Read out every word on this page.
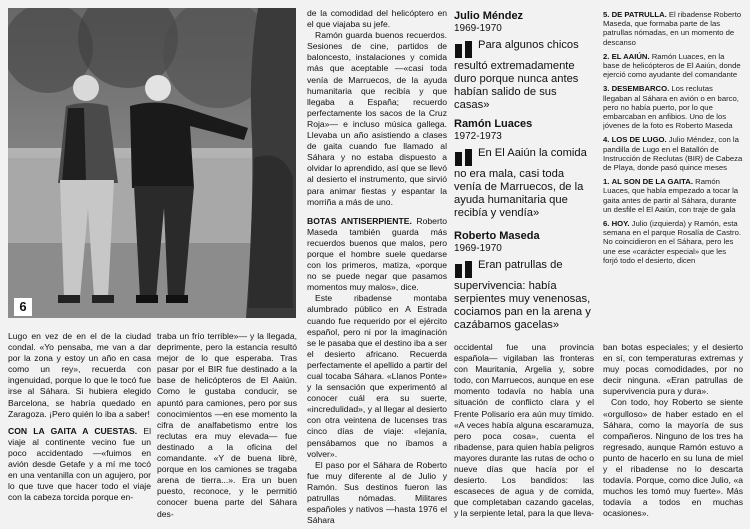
6

Lugo en vez de en el de la ciudad condal. «Yo pensaba, me van a dar por la zona y estoy un año en casa como un rey», recuerda con ingenuidad, porque lo que le tocó fue irse al Sáhara. Si hubiera elegido Barcelona, se habría quedado en Zaragoza. ¡Pero quién lo iba a saber!

CON LA GAITA A CUESTAS. El viaje al continente vecino fue un poco accidentado —«fuimos en avión desde Getafe y a mí me tocó en una ventanilla con un agujero, por lo que tuve que hacer todo el viaje con la cabeza torcida porque en-

traba un frío terrible»— y la llegada, deprimente, pero la estancia resultó mejor de lo que esperaba. Tras pasar por el BIR fue destinado a la base de helicópteros de El Aaiún. Como le gustaba conducir, se apuntó para camiones, pero por sus conocimientos —en ese momento la cifra de analfabetismo entre los reclutas era muy elevada— fue destinado a la oficina del comandante. «Y de buena librè, porque en los camiones se tragaba arena de tierra...». Era un buen puesto, reconoce, y le permitió conocer buena parte del Sáhara des-

de la comodidad del helicóptero en el que viajaba su jefe.

Ramón guarda buenos recuerdos. Sesiones de cine, partidos de baloncesto, instalaciones y comida más que aceptable —«casi toda venía de Marruecos, de la ayuda humanitaria que recibía y que llegaba a España; recuerdo perfectamente los sacos de la Cruz Roja»— e incluso música gallega. Llevaba un año asistiendo a clases de gaita cuando fue llamado al Sáhara y no estaba dispuesto a olvidar lo aprendido, así que se llevó al desierto el instrumento, que sirvió para animar fiestas y espantar la morriña a más de uno.

BOTAS ANTISERPIENTE. Roberto Maseda también guarda más recuerdos buenos que malos, pero porque el hombre suele quedarse con los primeros, matiza, «porque no se puede negar que pasamos momentos muy malos», dice.

Este ribadense montaba alumbrado público en A Estrada cuando fue requerido por el ejército español, pero ni por la imaginación se le pasaba que el destino iba a ser el desierto africano. Recuerda perfectamente el apellido a partir del cual tocaba Sáhara. «Llanos Ponte» y la sensación que experimentó al conocer cuál era su suerte, «incredulidad», y al llegar al desierto con otra veintena de lucenses tras cinco días de viaje: «Iejanía, pensábamos que no íbamos a volver».

El paso por el Sáhara de Roberto fue muy diferente al de Julio y Ramón. Sus destinos fueron las patrullas nómadas. Militares españoles y nativos —hasta 1976 el Sáhara

Julio Méndez
1969-1970
Para algunos chicos resultó extremadamente duro porque nunca antes habían salido de sus casas»
Ramón Luaces
1972-1973
En El Aaiún la comida no era mala, casi toda venía de Marruecos, de la ayuda humanitaria que recibía y vendía»
Roberto Maseda
1969-1970
Eran patrullas de supervivencia: había serpientes muy venenosas, cociamos pan en la arena y cazábamos gacelas»

occidental fue una provincia española— vigilaban las fronteras con Mauritania, Argelia y, sobre todo, con Marruecos, aunque en ese momento todavía no había una situación de conflicto clara y el Frente Polisario era aún muy tímido. «A veces había alguna escaramuza, pero poca cosa», cuenta el ribadense, para quien había peligros mayores durante las rutas de ocho o nueve días que hacía por el desierto. Los bandidos: las escaseces de agua y de comida, que completaban cazando gacelas, y la serpiente letal, para la que lleva-

5. DE PATRULLA. El ribadense Roberto Maseda, que formaba parte de las patrullas nómadas, en un momento de descanso
2. EL AAIÚN. Ramón Luaces, en la base de helicópteros de El Aaiún, donde ejerció como ayudante del comandante
3. DESEMBARCO. Los reclutas llegaban al Sáhara en avión o en barco, pero no había puerto, por lo que embarcaban en anfibios. Uno de los jóvenes de la foto es Roberto Maseda
4. LOS DE LUGO. Julio Méndez, con la pandilla de Lugo en el Batallón de Instrucción de Reclutas (BIR) de Cabeza de Playa, donde pasó quince meses
1. AL SON DE LA GAITA. Ramón Luaces, que había empezado a tocar la gaita antes de partir al Sáhara, durante un desfile el El Aaiún, con traje de gala
6. HOY. Julio (izquierda) y Ramón, esta semana en el parque Rosalía de Castro. No coincidieron en el Sáhara, pero les une ese «carácter especial» que les forjó todo el desierto, dicen

ban botas especiales; y el desierto en sí, con temperaturas extremas y muy pocas comodidades, por no decir ninguna. «Eran patrullas de supervivencia pura y dura».

Con todo, hoy Roberto se siente «orgulloso» de haber estado en el Sáhara, como la mayoría de sus compañeros. Ninguno de los tres ha regresado, aunque Ramón estuvo a punto de hacerlo en su luna de miel y el ribadense no lo descarta todavía. Porque, como dice Julio, «a muchos les tomó muy fuerte». Más todavía a todos en muchas ocasiones».
